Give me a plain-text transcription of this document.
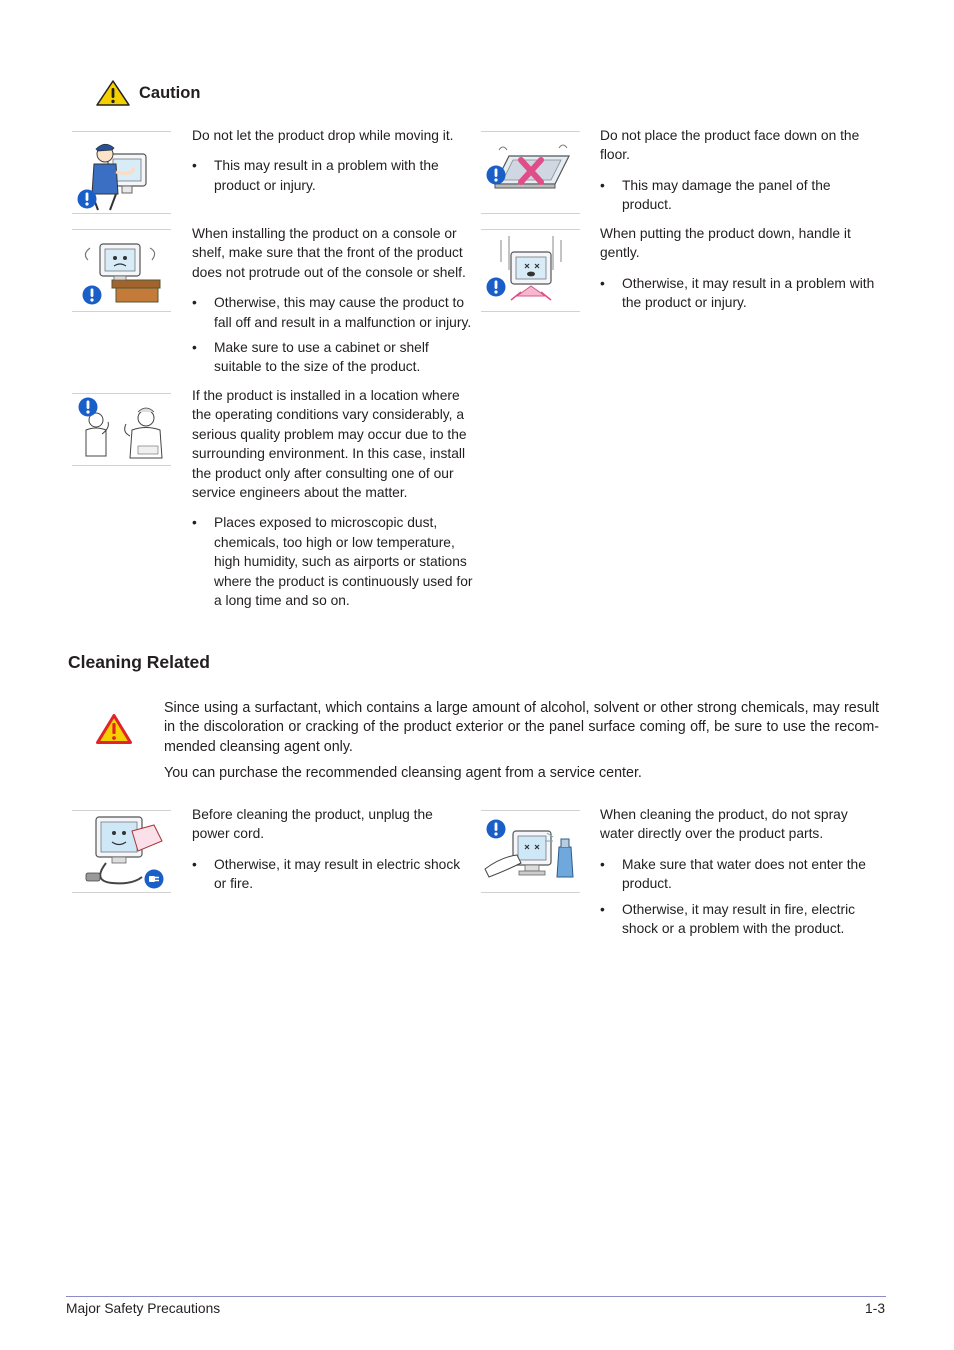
Caution

Do not let the product drop while moving it.

• This may result in a problem with the product or injury.

Do not place the product face down on the floor.

• This may damage the panel of the product.

When installing the product on a console or shelf, make sure that the front of the product does not protrude out of the console or shelf.

• Otherwise, this may cause the product to fall off and result in a malfunction or injury.
• Make sure to use a cabinet or shelf suitable to the size of the product.

When putting the product down, handle it gently.

• Otherwise, it may result in a problem with the product or injury.

If the product is installed in a location where the operating conditions vary considerably, a serious quality problem may occur due to the surrounding environment. In this case, install the product only after consulting one of our service engineers about the matter.

• Places exposed to microscopic dust, chemicals, too high or low temperature, high humidity, such as airports or stations where the product is continuously used for a long time and so on.
Cleaning Related

Since using a surfactant, which contains a large amount of alcohol, solvent or other strong chemicals, may result in the discoloration or cracking of the product exterior or the panel surface coming off, be sure to use the recom-mended cleansing agent only.

You can purchase the recommended cleansing agent from a service center.

Before cleaning the product, unplug the power cord.

• Otherwise, it may result in electric shock or fire.

When cleaning the product, do not spray water directly over the product parts.

• Make sure that water does not enter the product.
• Otherwise, it may result in fire, electric shock or a problem with the product.
Major Safety Precautions	1-3
